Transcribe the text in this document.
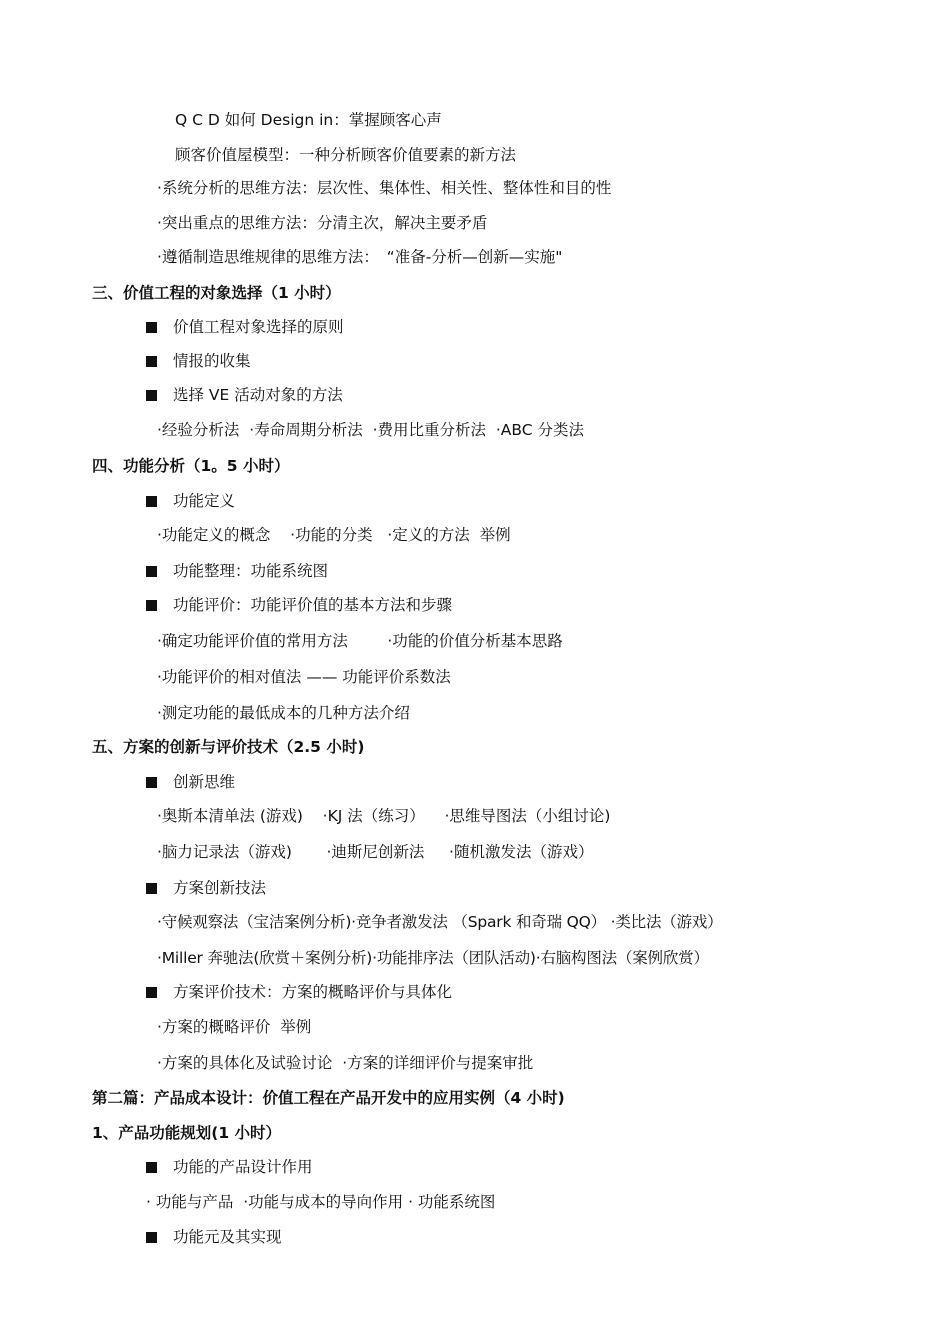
Q C D 如何 Design in：掌握顾客心声
顾客价值屋模型：一种分析顾客价值要素的新方法
·系统分析的思维方法：层次性、集体性、相关性、整体性和目的性
·突出重点的思维方法：分清主次，解决主要矛盾
·遵循制造思维规律的思维方法：　“准备-分析—创新—实施"
三、价值工程的对象选择（1 小时）
价值工程对象选择的原则
情报的收集
选择 VE 活动对象的方法
·经验分析法  ·寿命周期分析法  ·费用比重分析法  ·ABC 分类法
四、功能分析（1。5 小时）
功能定义
·功能定义的概念    ·功能的分类   ·定义的方法  举例
功能整理：功能系统图
功能评价：功能评价值的基本方法和步骤
·确定功能评价值的常用方法        ·功能的价值分析基本思路
·功能评价的相对值法 —— 功能评价系数法
·测定功能的最低成本的几种方法介绍
五、方案的创新与评价技术（2.5 小时)
创新思维
·奥斯本清单法 (游戏)    ·KJ 法（练习）    ·思维导图法（小组讨论)
·脑力记录法（游戏)       ·迪斯尼创新法     ·随机激发法（游戏）
方案创新技法
·守候观察法（宝洁案例分析)·竞争者激发法 （Spark 和奇瑞 QQ） ·类比法（游戏）
·Miller 奔驰法(欣赏＋案例分析)·功能排序法（团队活动)·右脑构图法（案例欣赏）
方案评价技术：方案的概略评价与具体化
·方案的概略评价  举例
·方案的具体化及试验讨论  ·方案的详细评价与提案审批
第二篇：产品成本设计：价值工程在产品开发中的应用实例（4 小时)
1、产品功能规划(1 小时）
功能的产品设计作用
· 功能与产品  ·功能与成本的导向作用 · 功能系统图
功能元及其实现
